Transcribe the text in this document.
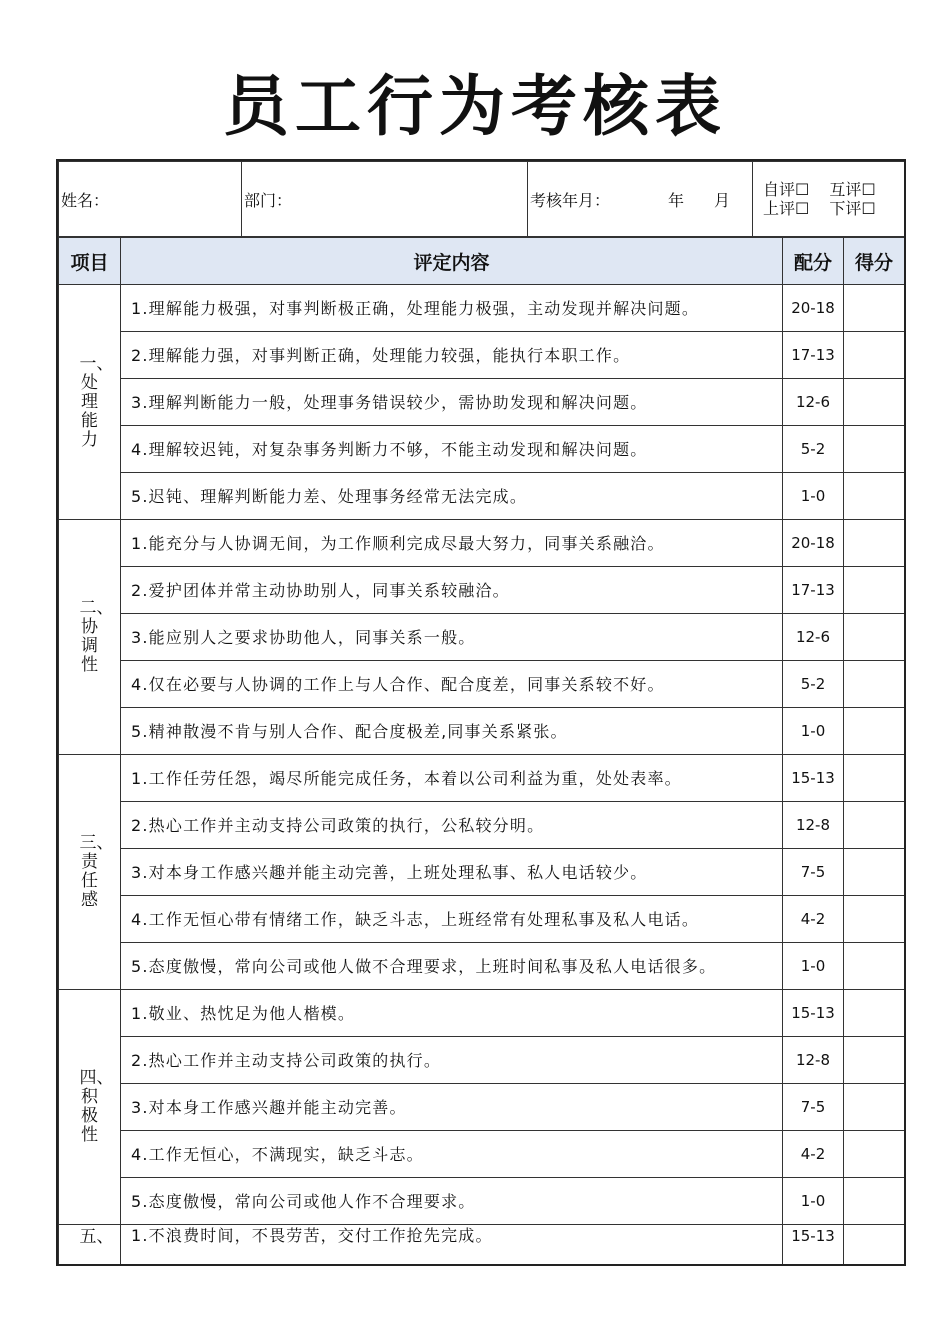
员工行为考核表
姓名：	部门：	考核年月：	年 月

自评☐ 互评☐
上评☐ 下评☐
项目	评定内容	配分	得分
一、处理能力	1.理解能力极强，对事判断极正确，处理能力极强，主动发现并解决问题。	20-18	
	2.理解能力强，对事判断正确，处理能力较强，能执行本职工作。	17-13	
	3.理解判断能力一般，处理事务错误较少，需协助发现和解决问题。	12-6	
	4.理解较迟钝，对复杂事务判断力不够，不能主动发现和解决问题。	5-2	
	5.迟钝、理解判断能力差、处理事务经常无法完成。	1-0	
二、协调性	1.能充分与人协调无间，为工作顺利完成尽最大努力，同事关系融洽。	20-18	
	2.爱护团体并常主动协助别人，同事关系较融洽。	17-13	
	3.能应别人之要求协助他人，同事关系一般。	12-6	
	4.仅在必要与人协调的工作上与人合作、配合度差，同事关系较不好。	5-2	
	5.精神散漫不肯与别人合作、配合度极差,同事关系紧张。	1-0	
三、责任感	1.工作任劳任怨，竭尽所能完成任务，本着以公司利益为重，处处表率。	15-13	
	2.热心工作并主动支持公司政策的执行，公私较分明。	12-8	
	3.对本身工作感兴趣并能主动完善，上班处理私事、私人电话较少。	7-5	
	4.工作无恒心带有情绪工作，缺乏斗志，上班经常有处理私事及私人电话。	4-2	
	5.态度傲慢，常向公司或他人做不合理要求，上班时间私事及私人电话很多。	1-0	
四、积极性	1.敬业、热忱足为他人楷模。	15-13	
	2.热心工作并主动支持公司政策的执行。	12-8	
	3.对本身工作感兴趣并能主动完善。	7-5	
	4.工作无恒心，不满现实，缺乏斗志。	4-2	
	5.态度傲慢，常向公司或他人作不合理要求。	1-0	
五、	1.不浪费时间，不畏劳苦，交付工作抢先完成。	15-13	
